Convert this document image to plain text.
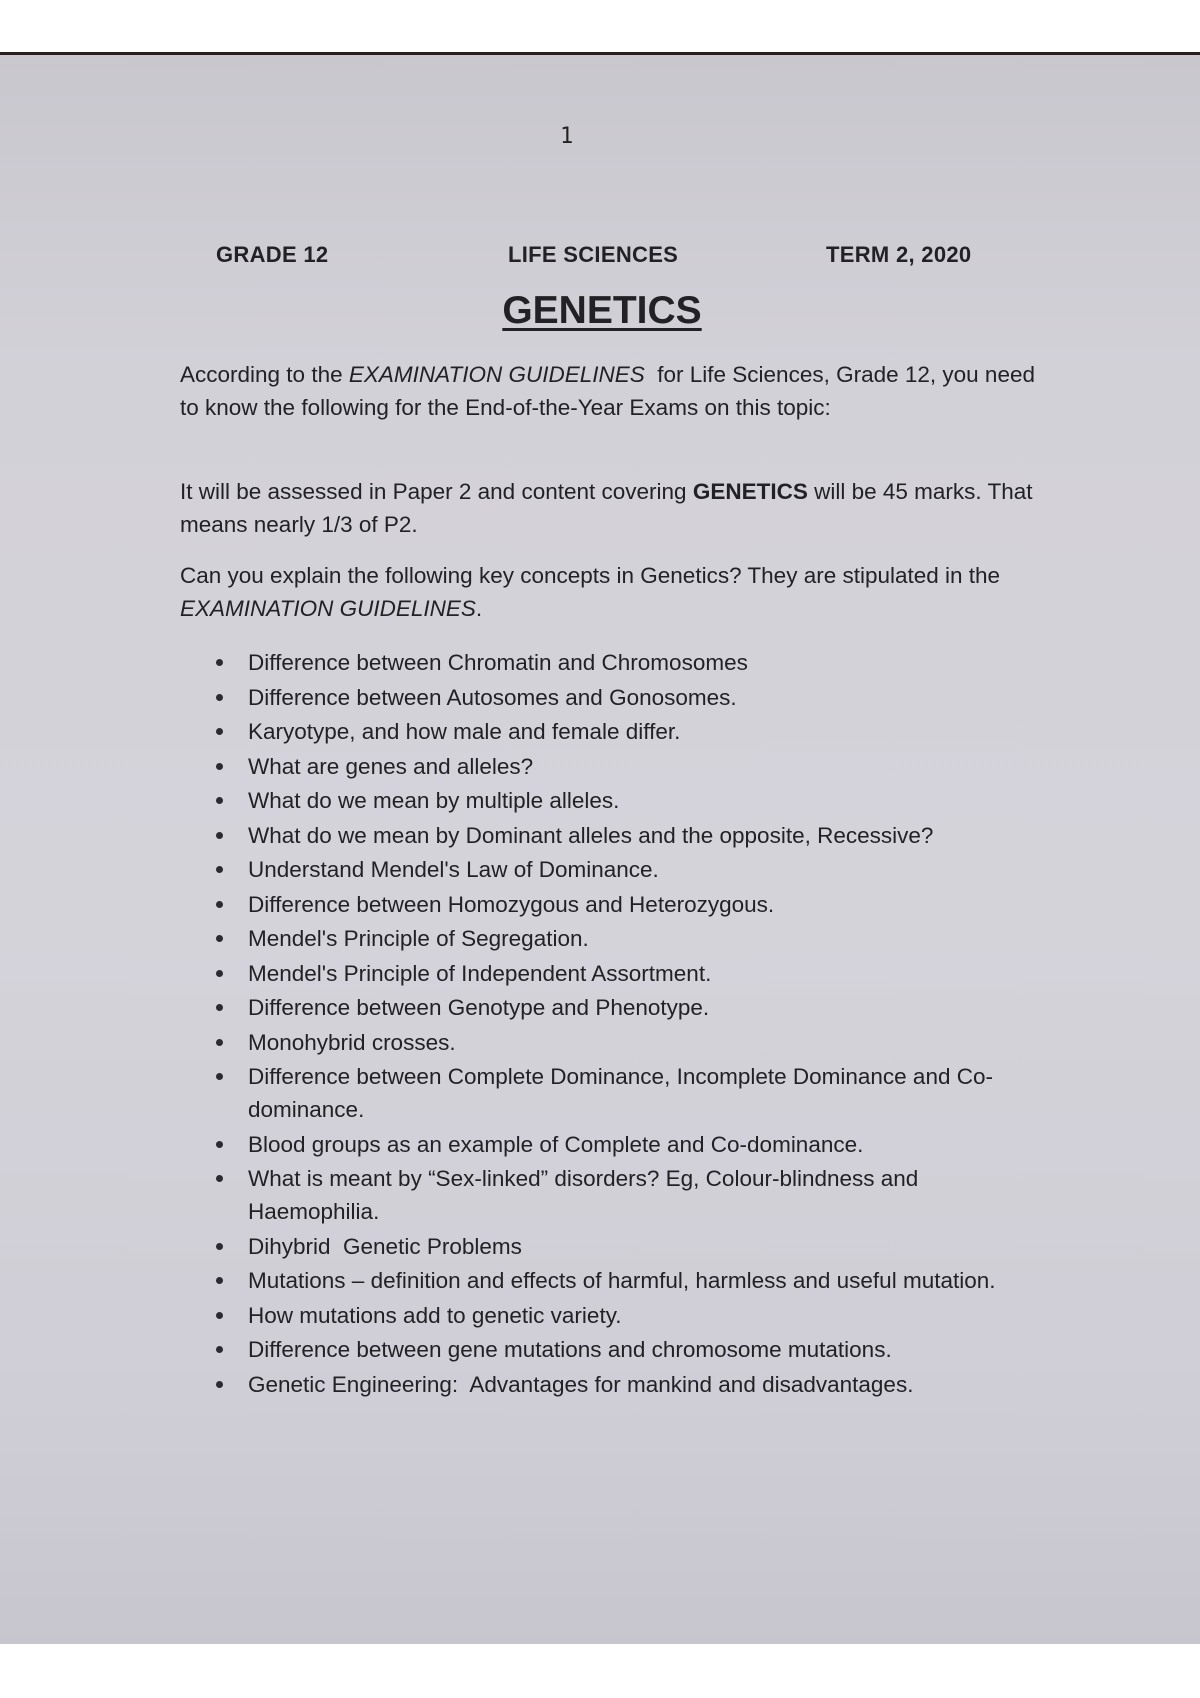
1
GRADE 12	LIFE SCIENCES	TERM 2, 2020
GENETICS

According to the EXAMINATION GUIDELINES  for Life Sciences, Grade 12, you need to know the following for the End-of-the-Year Exams on this topic:

It will be assessed in Paper 2 and content covering GENETICS will be 45 marks. That means nearly 1/3 of P2.

Can you explain the following key concepts in Genetics? They are stipulated in the EXAMINATION GUIDELINES.

Difference between Chromatin and Chromosomes
Difference between Autosomes and Gonosomes.
Karyotype, and how male and female differ.
What are genes and alleles?
What do we mean by multiple alleles.
What do we mean by Dominant alleles and the opposite, Recessive?
Understand Mendel's Law of Dominance.
Difference between Homozygous and Heterozygous.
Mendel's Principle of Segregation.
Mendel's Principle of Independent Assortment.
Difference between Genotype and Phenotype.
Monohybrid crosses.
Difference between Complete Dominance, Incomplete Dominance and Co-dominance.
Blood groups as an example of Complete and Co-dominance.
What is meant by “Sex-linked” disorders? Eg, Colour-blindness and Haemophilia.
Dihybrid  Genetic Problems
Mutations – definition and effects of harmful, harmless and useful mutation.
How mutations add to genetic variety.
Difference between gene mutations and chromosome mutations.
Genetic Engineering:  Advantages for mankind and disadvantages.
